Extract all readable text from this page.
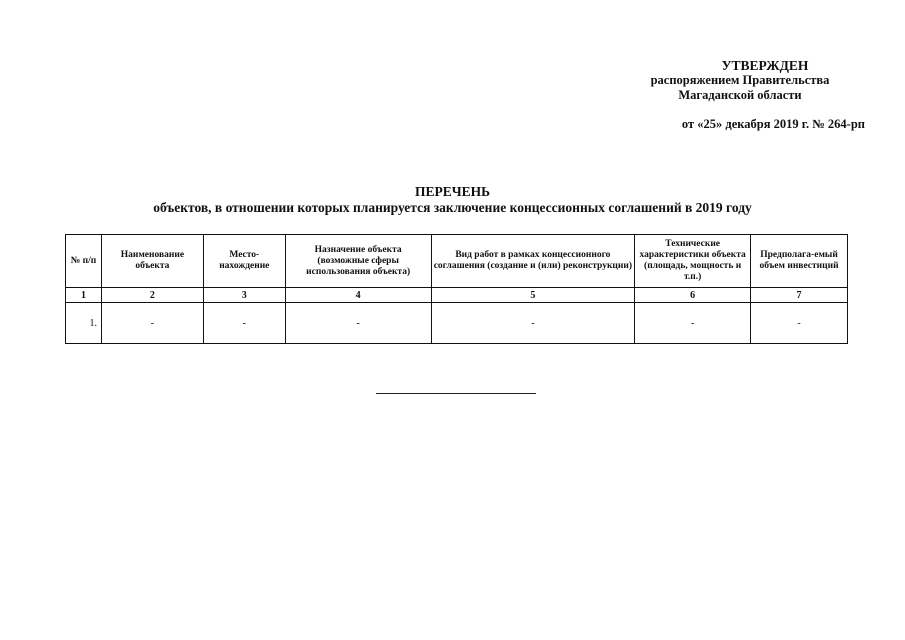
УТВЕРЖДЕН
распоряжением Правительства
Магаданской области
от «25» декабря 2019 г. № 264-рп
ПЕРЕЧЕНЬ
объектов, в отношении которых планируется заключение концессионных соглашений в 2019 году
№ п/п	Наименование объекта	Место-нахождение	Назначение объекта (возможные сферы использования объекта)	Вид работ в рамках концессионного соглашения (создание и (или) реконструкции)	Технические характеристики объекта (площадь, мощность и т.п.)	Предполага-емый объем инвестиций
1	2	3	4	5	6	7
1.	-	-	-	-	-	-
